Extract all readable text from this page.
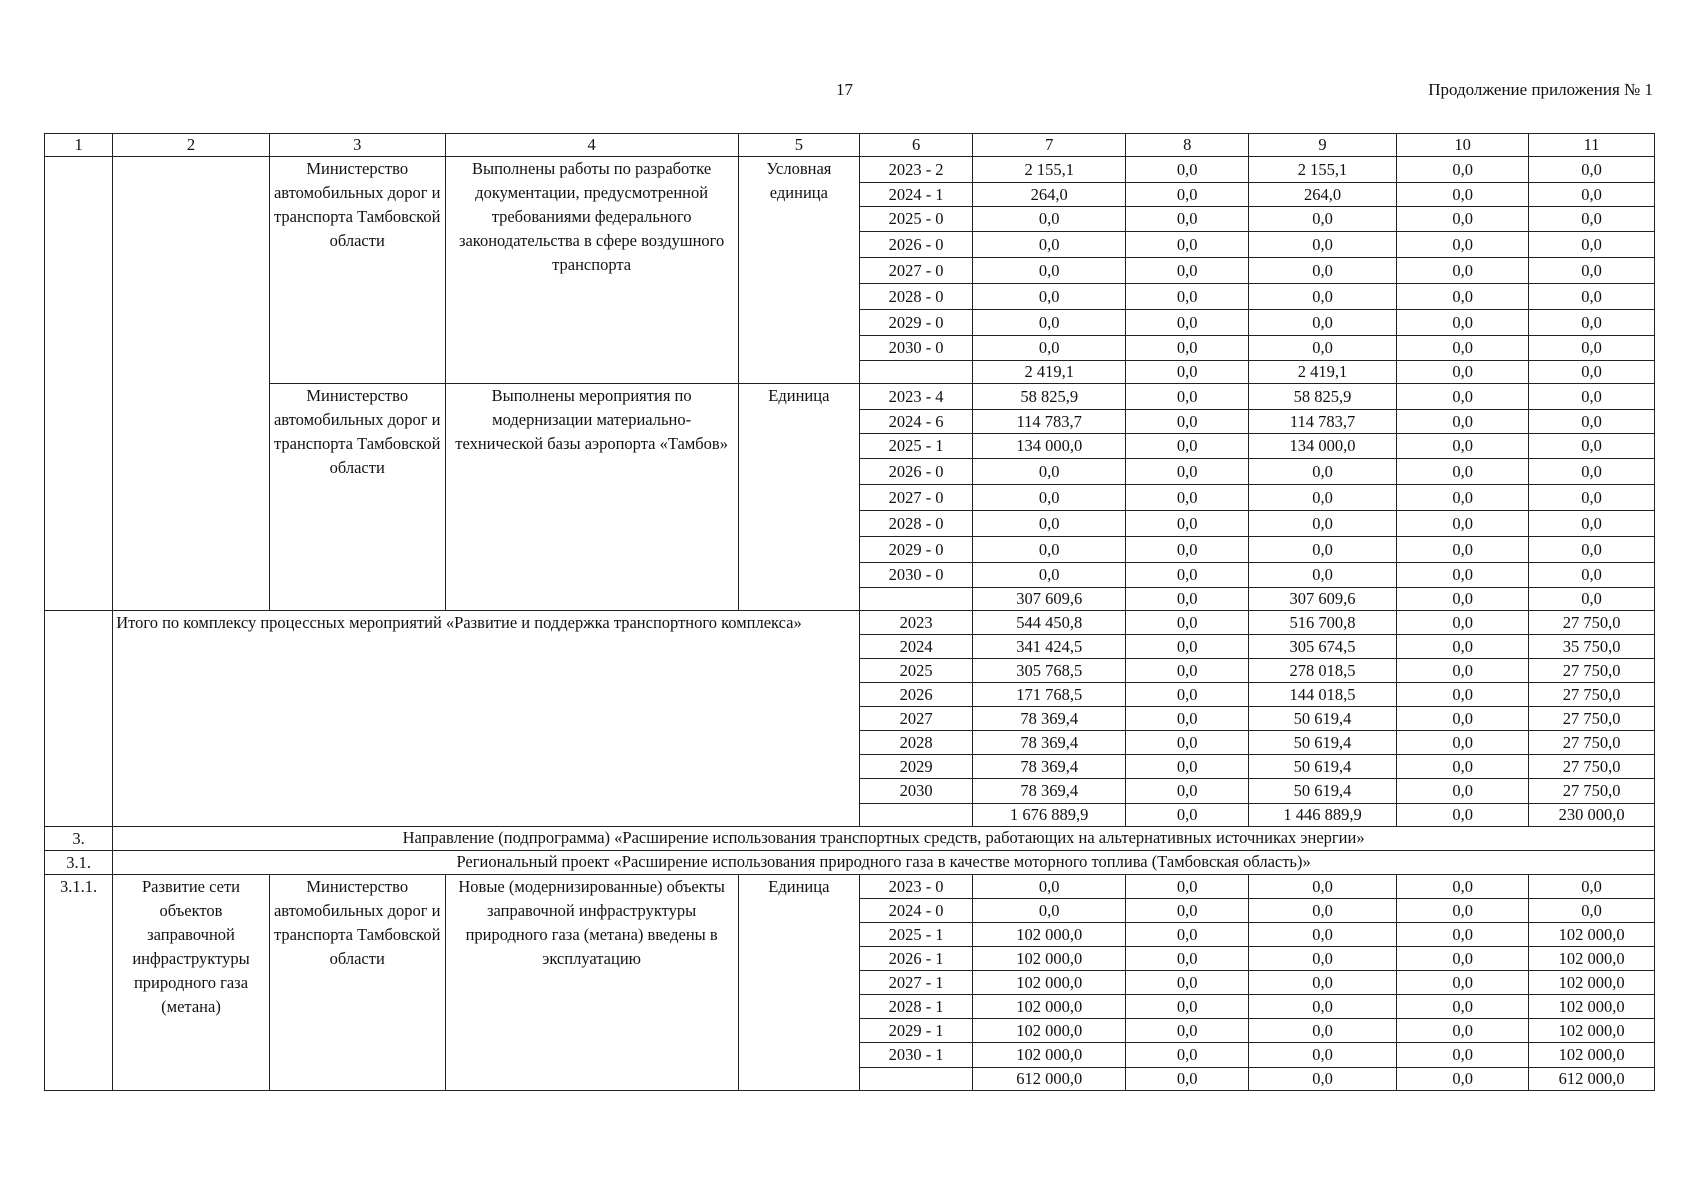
17	Продолжение приложения № 1
1	2	3	4	5	6	7	8	9	10	11
		Министерство автомобильных дорог и транспорта Тамбовской области	Выполнены работы по разработке документации, предусмотренной требованиями федерального законодательства в сфере воздушного транспорта	Условная единица	2023 - 2	2 155,1	0,0	2 155,1	0,0	0,0
					2024 - 1	264,0	0,0	264,0	0,0	0,0
					2025 - 0	0,0	0,0	0,0	0,0	0,0
					2026 - 0	0,0	0,0	0,0	0,0	0,0
					2027 - 0	0,0	0,0	0,0	0,0	0,0
					2028 - 0	0,0	0,0	0,0	0,0	0,0
					2029 - 0	0,0	0,0	0,0	0,0	0,0
					2030 - 0	0,0	0,0	0,0	0,0	0,0
						2 419,1	0,0	2 419,1	0,0	0,0
		Министерство автомобильных дорог и транспорта Тамбовской области	Выполнены мероприятия по модернизации материально-технической базы аэропорта «Тамбов»	Единица	2023 - 4	58 825,9	0,0	58 825,9	0,0	0,0
					2024 - 6	114 783,7	0,0	114 783,7	0,0	0,0
					2025 - 1	134 000,0	0,0	134 000,0	0,0	0,0
					2026 - 0	0,0	0,0	0,0	0,0	0,0
					2027 - 0	0,0	0,0	0,0	0,0	0,0
					2028 - 0	0,0	0,0	0,0	0,0	0,0
					2029 - 0	0,0	0,0	0,0	0,0	0,0
					2030 - 0	0,0	0,0	0,0	0,0	0,0
						307 609,6	0,0	307 609,6	0,0	0,0
	Итого по комплексу процессных мероприятий «Развитие и поддержка транспортного комплекса»				2023	544 450,8	0,0	516 700,8	0,0	27 750,0
					2024	341 424,5	0,0	305 674,5	0,0	35 750,0
					2025	305 768,5	0,0	278 018,5	0,0	27 750,0
					2026	171 768,5	0,0	144 018,5	0,0	27 750,0
					2027	78 369,4	0,0	50 619,4	0,0	27 750,0
					2028	78 369,4	0,0	50 619,4	0,0	27 750,0
					2029	78 369,4	0,0	50 619,4	0,0	27 750,0
					2030	78 369,4	0,0	50 619,4	0,0	27 750,0
						1 676 889,9	0,0	1 446 889,9	0,0	230 000,0
3.	Направление (подпрограмма) «Расширение использования транспортных средств, работающих на альтернативных источниках энергии»									
3.1.	Региональный проект «Расширение использования природного газа в качестве моторного топлива (Тамбовская область)»									
3.1.1.	Развитие сети объектов заправочной инфраструктуры природного газа (метана)	Министерство автомобильных дорог и транспорта Тамбовской области	Новые (модернизированные) объекты заправочной инфраструктуры природного газа (метана) введены в эксплуатацию	Единица	2023 - 0	0,0	0,0	0,0	0,0	0,0
					2024 - 0	0,0	0,0	0,0	0,0	0,0
					2025 - 1	102 000,0	0,0	0,0	0,0	102 000,0
					2026 - 1	102 000,0	0,0	0,0	0,0	102 000,0
					2027 - 1	102 000,0	0,0	0,0	0,0	102 000,0
					2028 - 1	102 000,0	0,0	0,0	0,0	102 000,0
					2029 - 1	102 000,0	0,0	0,0	0,0	102 000,0
					2030 - 1	102 000,0	0,0	0,0	0,0	102 000,0
						612 000,0	0,0	0,0	0,0	612 000,0
